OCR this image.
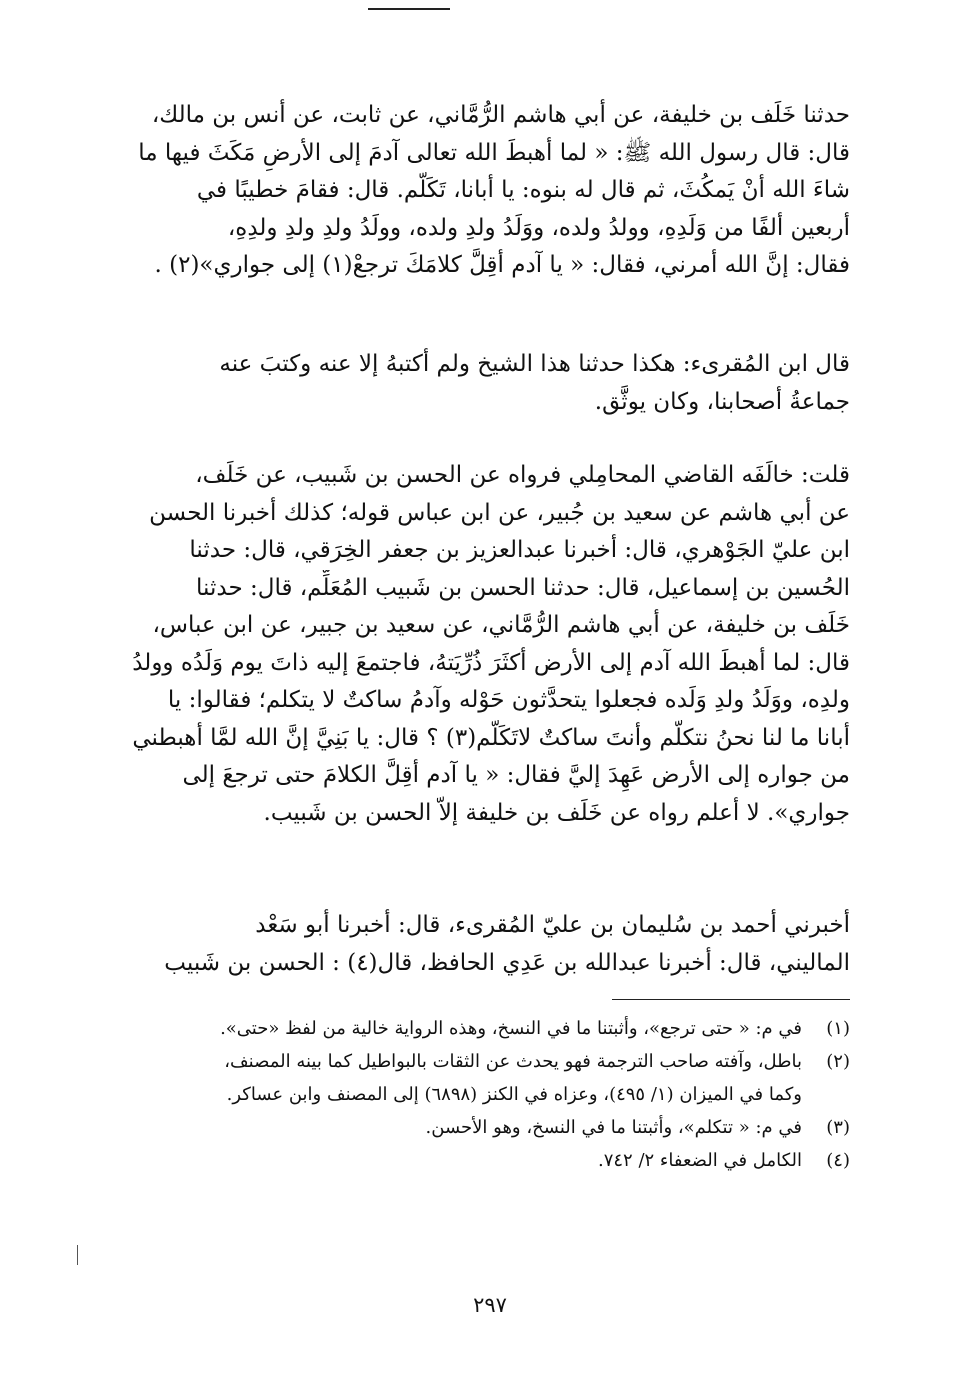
حدثنا خَلَف بن خليفة، عن أبي هاشم الرُّمَّاني، عن ثابت، عن أنس بن مالك،

قال: قال رسول الله ﷺ: « لما أهبطَ الله تعالى آدمَ إلى الأرضِ مَكَثَ فيها ما

شاءَ الله أنْ يَمكُثَ، ثم قال له بنوه: يا أبانا، تَكَلَّم. قال: فقامَ خطيبًا في

أربعين ألفًا من وَلَدِهِ، وولدُ ولده، ووَلَدُ ولدِ ولده، وولَدُ ولدِ ولدِ ولدِهِ،

فقال: إنَّ الله أمرني، فقال: « يا آدم أقِلَّ كلامَكَ ترجعْ(١) إلى جواري»(٢) .

قال ابن المُقرىء: هكذا حدثنا هذا الشيخ ولم أكتبهُ إلا عنه وكتبَ عنه

جماعةُ أصحابنا، وكان يوثَّق.

قلت: خالَفَه القاضي المحامِلي فرواه عن الحسن بن شَبيب، عن خَلَف،

عن أبي هاشم عن سعيد بن جُبير، عن ابن عباس قوله؛ كذلك أخبرنا الحسن

ابن عليّ الجَوْهري، قال: أخبرنا عبدالعزيز بن جعفر الخِرَقي، قال: حدثنا

الحُسين بن إسماعيل، قال: حدثنا الحسن بن شَبيب المُعَلِّم، قال: حدثنا

خَلَف بن خليفة، عن أبي هاشم الرُّمَّاني، عن سعيد بن جبير، عن ابن عباس،

قال: لما أهبطَ الله آدم إلى الأرض أكثَرَ ذُرِّيَتهُ، فاجتمعَ إليه ذاتَ يوم وَلَدُه وولدُ

ولدِه، ووَلَدُ ولدِ وَلَده فجعلوا يتحدَّثون حَوْله وآدمُ ساكتٌ لا يتكلم؛ فقالوا: يا

أبانا ما لنا نحنُ نتكلَّم وأنتَ ساكتٌ لاتَكَلَّم(٣) ؟ قال: يا بَنِيَّ إنَّ الله لمَّا أهبطني

من جواره إلى الأرض عَهِدَ إليَّ فقال: « يا آدم أقِلَّ الكلامَ حتى ترجعَ إلى

جواري». لا أعلم رواه عن خَلَف بن خليفة إلاّ الحسن بن شَبيب.

أخبرني أحمد بن سُليمان بن عليّ المُقرىء، قال: أخبرنا أبو سَعْد

الماليني، قال: أخبرنا عبدالله بن عَدِي الحافظ، قال(٤) : الحسن بن شَبيب

(١)
في م: « حتى ترجع»، وأثبتنا ما في النسخ، وهذه الرواية خالية من لفظ «حتى».
(٢)
باطل، وآفته صاحب الترجمة فهو يحدث عن الثقات بالبواطيل كما بينه المصنف،
وكما في الميزان (١/ ٤٩٥)، وعزاه في الكنز (٦٨٩٨) إلى المصنف وابن عساكر.
(٣)
في م: « تتكلم»، وأثبتنا ما في النسخ، وهو الأحسن.
(٤)
الكامل في الضعفاء ٢/ ٧٤٢.
٢٩٧
